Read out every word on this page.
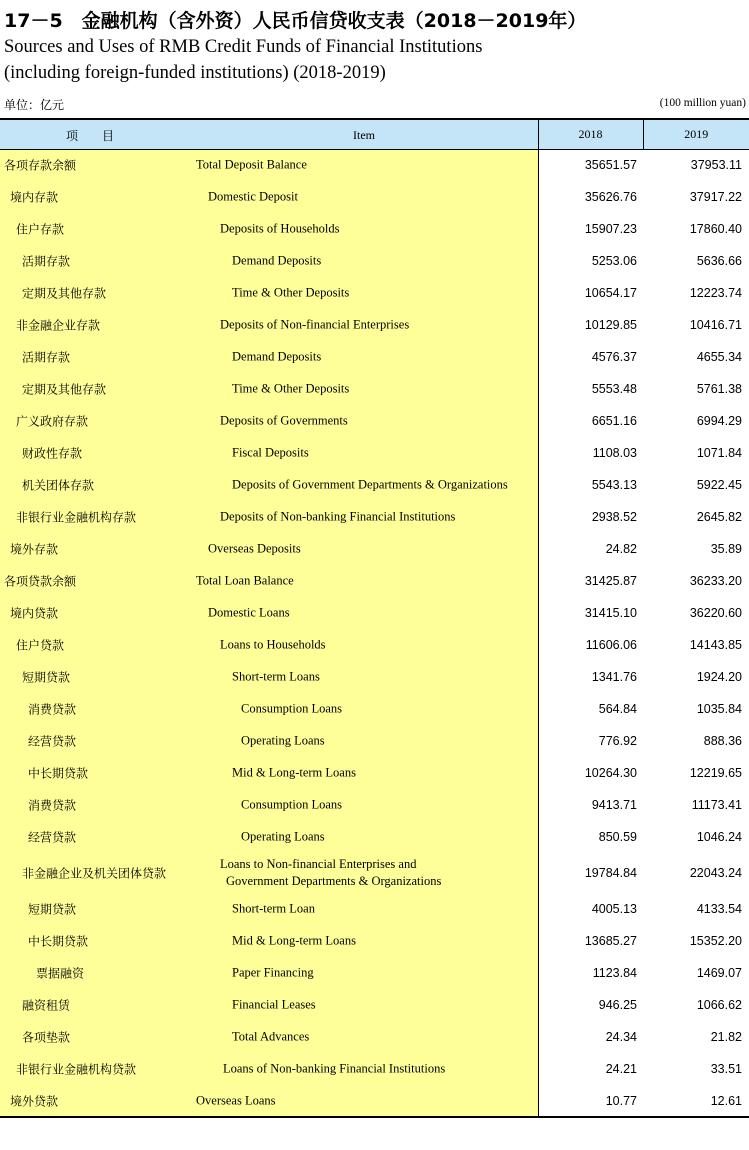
17－5　金融机构（含外资）人民币信贷收支表（2018－2019年）
Sources and Uses of RMB Credit Funds of Financial Institutions
(including foreign-funded institutions) (2018-2019)
单位：亿元	(100 million yuan)
项　目 Item	2018	2019

各项存款余额 Total Deposit Balance	35651.57	37953.11

境内存款 Domestic Deposit	35626.76	37917.22

住户存款 Deposits of Households	15907.23	17860.40

活期存款 Demand Deposits	5253.06	5636.66

定期及其他存款 Time & Other Deposits	10654.17	12223.74

非金融企业存款 Deposits of Non-financial Enterprises	10129.85	10416.71

活期存款 Demand Deposits	4576.37	4655.34

定期及其他存款 Time & Other Deposits	5553.48	5761.38

广义政府存款 Deposits of Governments	6651.16	6994.29

财政性存款 Fiscal Deposits	1108.03	1071.84

机关团体存款 Deposits of Government Departments & Organizations	5543.13	5922.45

非银行业金融机构存款 Deposits of Non-banking Financial Institutions	2938.52	2645.82

境外存款 Overseas Deposits	24.82	35.89

各项贷款余额 Total Loan Balance	31425.87	36233.20

境内贷款 Domestic Loans	31415.10	36220.60

住户贷款 Loans to Households	11606.06	14143.85

短期贷款 Short-term Loans	1341.76	1924.20

消费贷款 Consumption Loans	564.84	1035.84

经营贷款 Operating Loans	776.92	888.36

中长期贷款 Mid & Long-term Loans	10264.30	12219.65

消费贷款 Consumption Loans	9413.71	11173.41

经营贷款 Operating Loans	850.59	1046.24

非金融企业及机关团体贷款
Loans to Non-financial Enterprises and
Government Departments & Organizations	19784.84	22043.24

短期贷款 Short-term Loan	4005.13	4133.54

中长期贷款 Mid & Long-term Loans	13685.27	15352.20

票据融资 Paper Financing	1123.84	1469.07

融资租赁 Financial Leases	946.25	1066.62

各项垫款 Total Advances	24.34	21.82

非银行业金融机构贷款 Loans of Non-banking Financial Institutions	24.21	33.51

境外贷款 Overseas Loans	10.77	12.61
